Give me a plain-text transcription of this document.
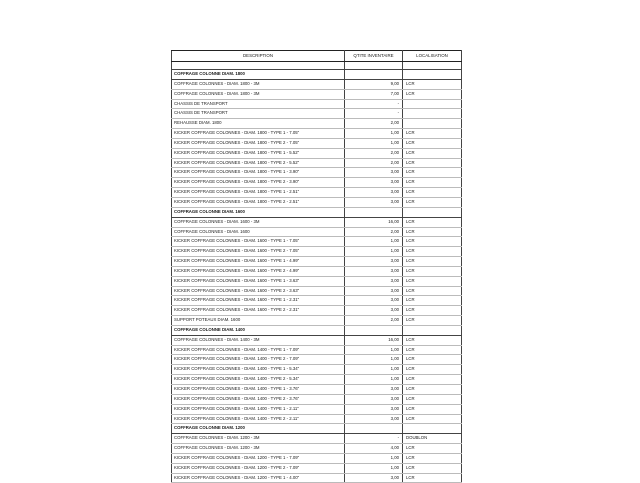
DESCRIPTION	QTITE INVENTAIRE	LOCALISATION

COFFRAGE COLONNE DIAM. 1800		
COFFRAGE COLONNES - DIAM. 1800 - 3M	9,00	LCR
COFFRAGE COLONNES - DIAM. 1800 - 3M	7,00	LCR
CHASSIS DE TRANSPORT	-	
CHASSIS DE TRANSPORT	-	
REHAUSSE DIAM. 1800	2,00	
KICKER COFFRAGE COLONNES - DIAM. 1800 - TYPE 1 - 7.05"	1,00	LCR
KICKER COFFRAGE COLONNES - DIAM. 1800 - TYPE 2 - 7.05"	1,00	LCR
KICKER COFFRAGE COLONNES - DIAM. 1800 - TYPE 1 - 5.52"	2,00	LCR
KICKER COFFRAGE COLONNES - DIAM. 1800 - TYPE 2 - 5.52"	2,00	LCR
KICKER COFFRAGE COLONNES - DIAM. 1800 - TYPE 1 - 3.90"	3,00	LCR
KICKER COFFRAGE COLONNES - DIAM. 1800 - TYPE 2 - 3.90"	3,00	LCR
KICKER COFFRAGE COLONNES - DIAM. 1800 - TYPE 1 - 2.51"	3,00	LCR
KICKER COFFRAGE COLONNES - DIAM. 1800 - TYPE 2 - 2.51"	3,00	LCR
COFFRAGE COLONNE DIAM. 1600		
COFFRAGE COLONNES - DIAM. 1600 - 3M	16,00	LCR
COFFRAGE COLONNES - DIAM. 1600	2,00	LCR
KICKER COFFRAGE COLONNES - DIAM. 1600 - TYPE 1 - 7.05"	1,00	LCR
KICKER COFFRAGE COLONNES - DIAM. 1600 - TYPE 2 - 7.05"	1,00	LCR
KICKER COFFRAGE COLONNES - DIAM. 1600 - TYPE 1 - 4.99"	3,00	LCR
KICKER COFFRAGE COLONNES - DIAM. 1600 - TYPE 2 - 4.99"	3,00	LCR
KICKER COFFRAGE COLONNES - DIAM. 1600 - TYPE 1 - 3.63"	3,00	LCR
KICKER COFFRAGE COLONNES - DIAM. 1600 - TYPE 2 - 3.63"	3,00	LCR
KICKER COFFRAGE COLONNES - DIAM. 1600 - TYPE 1 - 2.31"	3,00	LCR
KICKER COFFRAGE COLONNES - DIAM. 1600 - TYPE 2 - 2.31"	3,00	LCR
SUPPORT POTEAUX DIAM. 1600	2,00	LCR
COFFRAGE COLONNE DIAM. 1400		
COFFRAGE COLONNES - DIAM. 1400 - 3M	16,00	LCR
KICKER COFFRAGE COLONNES - DIAM. 1400 - TYPE 1 - 7.09"	1,00	LCR
KICKER COFFRAGE COLONNES - DIAM. 1400 - TYPE 2 - 7.09"	1,00	LCR
KICKER COFFRAGE COLONNES - DIAM. 1400 - TYPE 1 - 5.34"	1,00	LCR
KICKER COFFRAGE COLONNES - DIAM. 1400 - TYPE 2 - 5.34"	1,00	LCR
KICKER COFFRAGE COLONNES - DIAM. 1400 - TYPE 1 - 3.76"	3,00	LCR
KICKER COFFRAGE COLONNES - DIAM. 1400 - TYPE 2 - 3.76"	3,00	LCR
KICKER COFFRAGE COLONNES - DIAM. 1400 - TYPE 1 - 2.11"	3,00	LCR
KICKER COFFRAGE COLONNES - DIAM. 1400 - TYPE 2 - 2.11"	3,00	LCR
COFFRAGE COLONNE DIAM. 1200		
COFFRAGE COLONNES - DIAM. 1200 - 3M	-	DOUBLON
COFFRAGE COLONNES - DIAM. 1200 - 3M	4,00	LCR
KICKER COFFRAGE COLONNES - DIAM. 1200 - TYPE 1 - 7.09"	1,00	LCR
KICKER COFFRAGE COLONNES - DIAM. 1200 - TYPE 2 - 7.09"	1,00	LCR
KICKER COFFRAGE COLONNES - DIAM. 1200 - TYPE 1 - 4.00"	3,00	LCR
